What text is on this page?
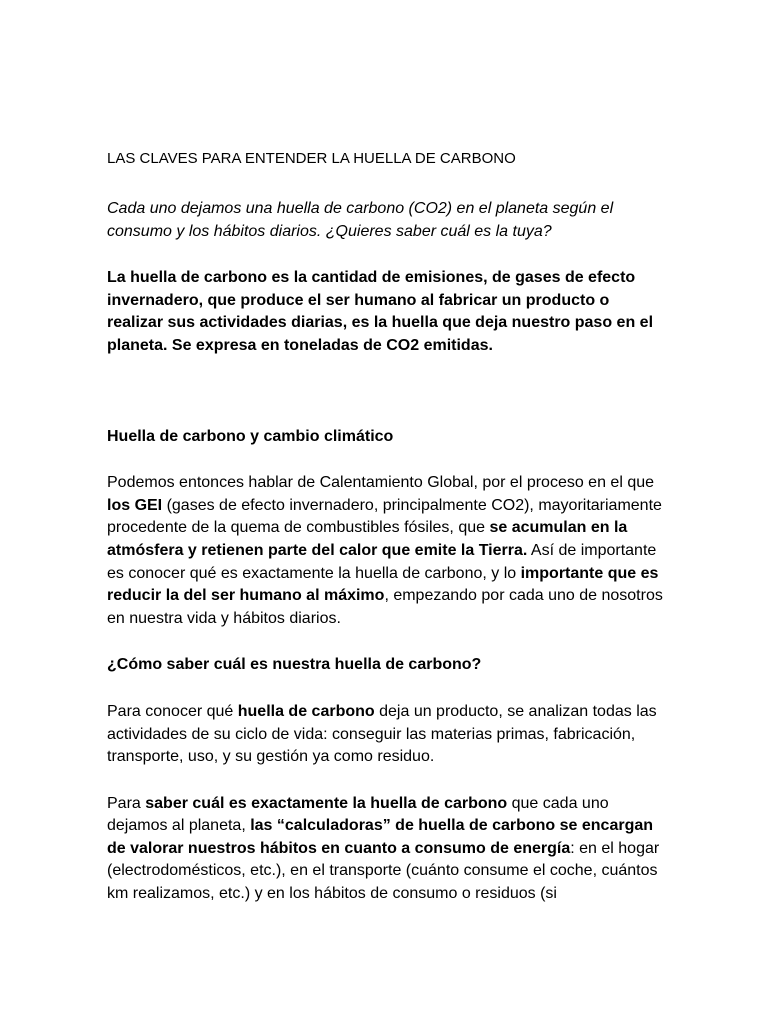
LAS CLAVES PARA ENTENDER LA HUELLA DE CARBONO

Cada uno dejamos una huella de carbono (CO2) en el planeta según el consumo y los hábitos diarios. ¿Quieres saber cuál es la tuya?

La huella de carbono es la cantidad de emisiones, de gases de efecto invernadero, que produce el ser humano al fabricar un producto o realizar sus actividades diarias, es la huella que deja nuestro paso en el planeta. Se expresa en toneladas de CO2 emitidas.

Huella de carbono y cambio climático

Podemos entonces hablar de Calentamiento Global, por el proceso en el que los GEI (gases de efecto invernadero, principalmente CO2), mayoritariamente procedente de la quema de combustibles fósiles, que se acumulan en la atmósfera y retienen parte del calor que emite la Tierra. Así de importante es conocer qué es exactamente la huella de carbono, y lo importante que es reducir la del ser humano al máximo, empezando por cada uno de nosotros en nuestra vida y hábitos diarios.

¿Cómo saber cuál es nuestra huella de carbono?

Para conocer qué huella de carbono deja un producto, se analizan todas las actividades de su ciclo de vida: conseguir las materias primas, fabricación, transporte, uso, y su gestión ya como residuo.

Para saber cuál es exactamente la huella de carbono que cada uno dejamos al planeta, las “calculadoras” de huella de carbono se encargan de valorar nuestros hábitos en cuanto a consumo de energía: en el hogar (electrodomésticos, etc.), en el transporte (cuánto consume el coche, cuántos km realizamos, etc.) y en los hábitos de consumo o residuos (si
